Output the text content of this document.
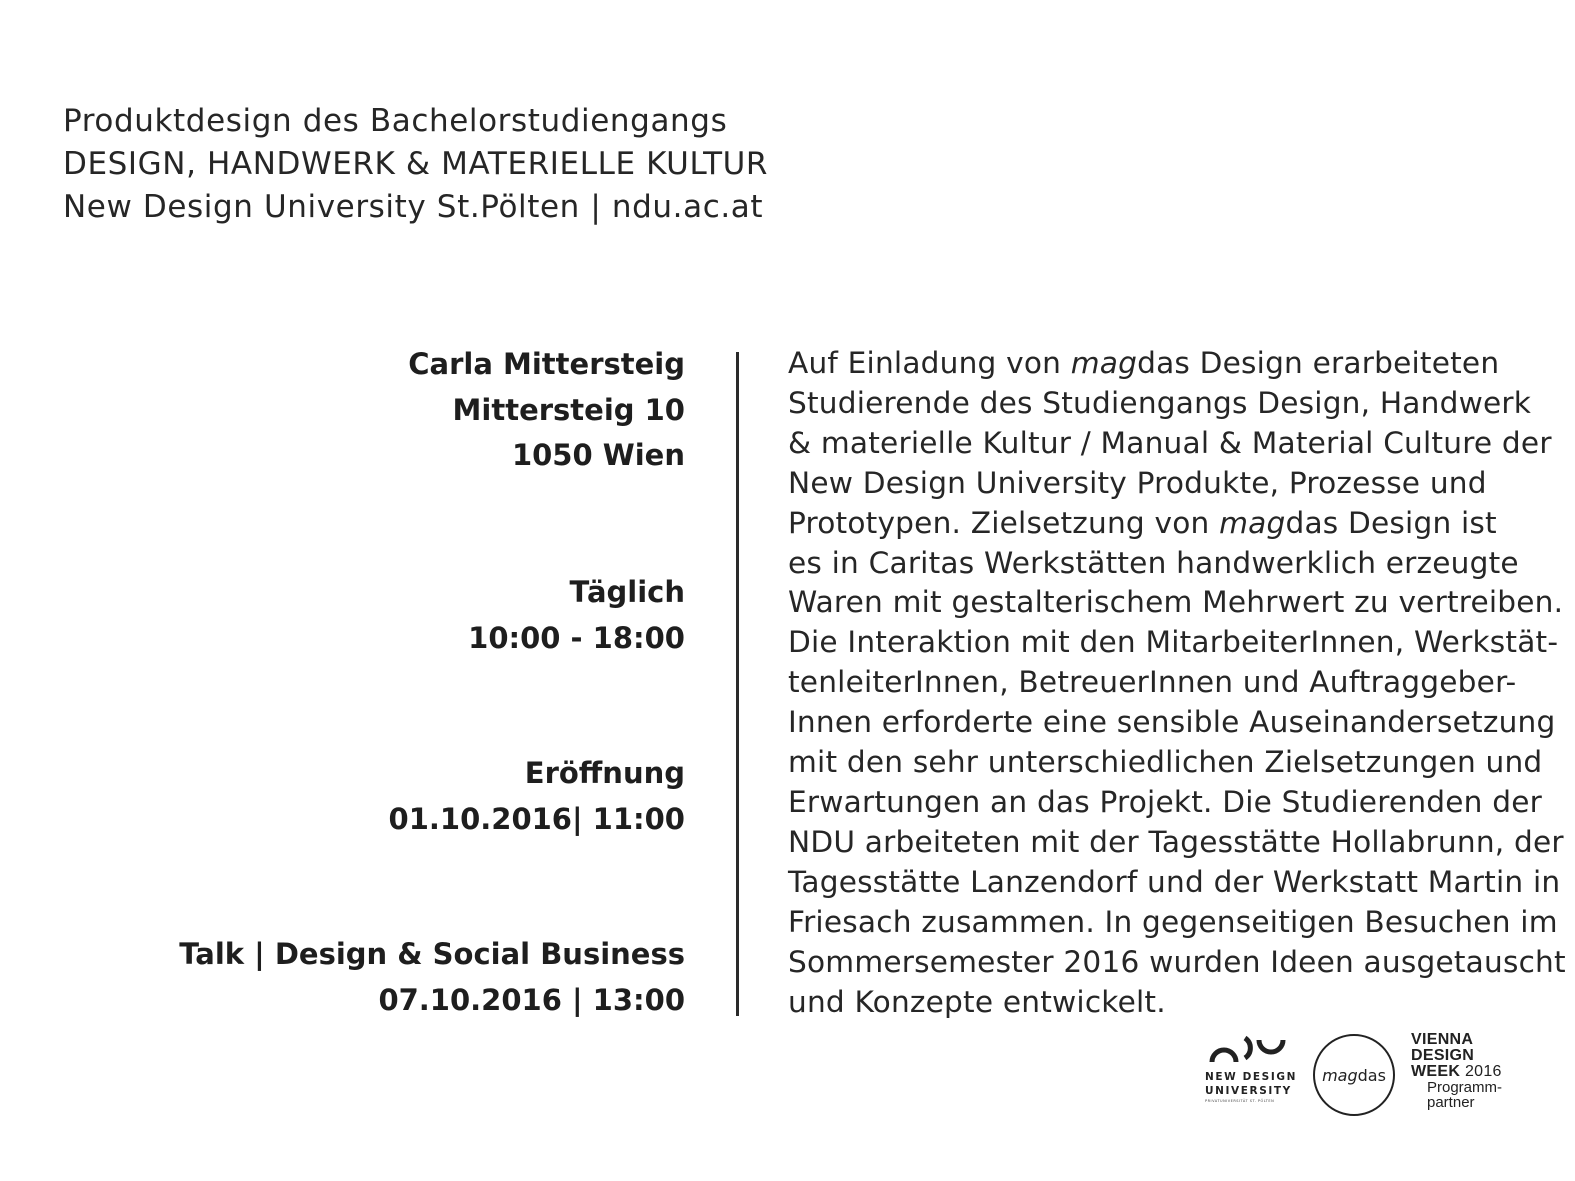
Produktdesign des Bachelorstudiengangs
DESIGN, HANDWERK & MATERIELLE KULTUR
New Design University St.Pölten | ndu.ac.at
Carla Mittersteig
Mittersteig 10
1050 Wien
Täglich
10:00 - 18:00
Eröffnung
01.10.2016| 11:00
Talk | Design & Social Business
07.10.2016 | 13:00
Auf Einladung von magdas Design erarbeiteten
Studierende des Studiengangs Design, Handwerk
& materielle Kultur / Manual & Material Culture der
New Design University Produkte, Prozesse und
Prototypen. Zielsetzung von magdas Design ist
es in Caritas Werkstätten handwerklich erzeugte
Waren mit gestalterischem Mehrwert zu vertreiben.
Die Interaktion mit den MitarbeiterInnen, Werkstät-
tenleiterInnen, BetreuerInnen und Auftraggeber-
Innen erforderte eine sensible Auseinandersetzung
mit den sehr unterschiedlichen Zielsetzungen und
Erwartungen an das Projekt. Die Studierenden der
NDU arbeiteten mit der Tagesstätte Hollabrunn, der
Tagesstätte Lanzendorf und der Werkstatt Martin in
Friesach zusammen. In gegenseitigen Besuchen im
Sommersemester 2016 wurden Ideen ausgetauscht
und Konzepte entwickelt.
NEW DESIGN
UNIVERSITY
PRIVATUNIVERSITÄT ST. PÖLTEN
mag das
VIENNA
DESIGN
WEEK 2016
Programm-
partner
